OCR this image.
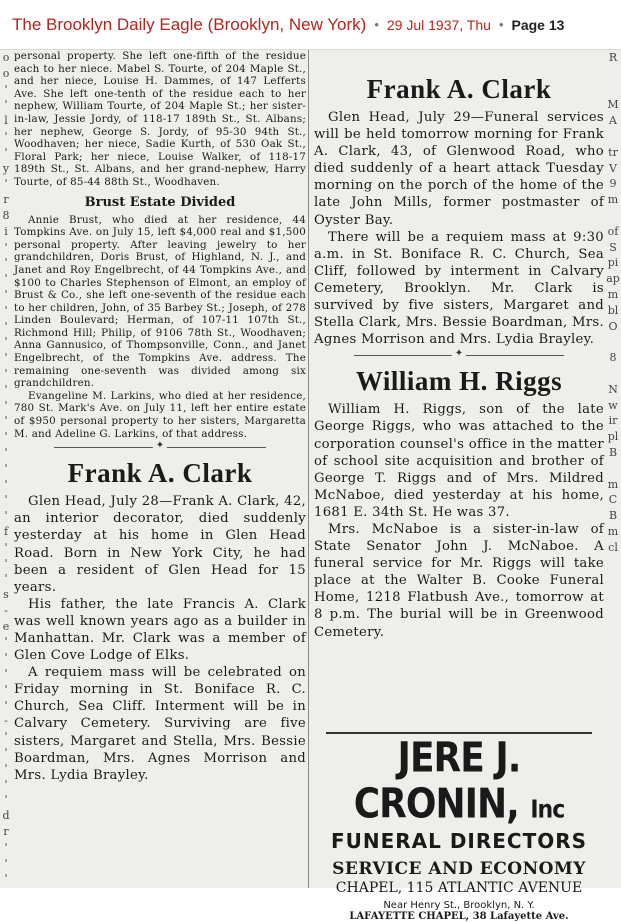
The Brooklyn Daily Eagle (Brooklyn, New York) • 29 Jul 1937, Thu • Page 13
o
o
'
'
l
'
'
y
'
r
8
i
'
'
'
'
'
'
'
'
'
'
'
'
'
'
'
'
'
'
f
'
'
'
s
-
e
'
'
'
'
'
-
'
'
'
'
'
d
r
'
'
'

personal property. She left one-fifth of the residue each to her niece. Mabel S. Tourte, of 204 Maple St., and her niece, Louise H. Dammes, of 147 Lefferts Ave. She left one-tenth of the residue each to her nephew, William Tourte, of 204 Maple St.; her sister-in-law, Jessie Jordy, of 118-17 189th St., St. Albans; her nephew, George S. Jordy, of 95-30 94th St., Woodhaven; her niece, Sadie Kurth, of 530 Oak St., Floral Park; her niece, Louise Walker, of 118-17 189th St., St. Albans, and her grand-nephew, Harry Tourte, of 85-44 88th St., Woodhaven.

Brust Estate Divided

Annie Brust, who died at her residence, 44 Tompkins Ave. on July 15, left $4,000 real and $1,500 personal property. After leaving jewelry to her grandchildren, Doris Brust, of Highland, N. J., and Janet and Roy Engelbrecht, of 44 Tompkins Ave., and $100 to Charles Stephenson of Elmont, an employ of Brust & Co., she left one-seventh of the residue each to her children, John, of 35 Barbey St.; Joseph, of 278 Linden Boulevard; Herman, of 107-11 107th St., Richmond Hill; Philip, of 9106 78th St., Woodhaven; Anna Gannusico, of Thompsonville, Conn., and Janet Engelbrecht, of the Tompkins Ave. address. The remaining one-seventh was divided among six grandchildren.

Evangeline M. Larkins, who died at her residence, 780 St. Mark's Ave. on July 11, left her entire estate of $950 personal property to her sisters, Margaretta M. and Adeline G. Larkins, of that address.

✦
Frank A. Clark

Glen Head, July 28—Frank A. Clark, 42, an interior decorator, died suddenly yesterday at his home in Glen Head Road. Born in New York City, he had been a resident of Glen Head for 15 years.

His father, the late Francis A. Clark was well known years ago as a builder in Manhattan. Mr. Clark was a member of Glen Cove Lodge of Elks.

A requiem mass will be celebrated on Friday morning in St. Boniface R. C. Church, Sea Cliff. Interment will be in Calvary Cemetery. Surviving are five sisters, Margaret and Stella, Mrs. Bessie Boardman, Mrs. Agnes Morrison and Mrs. Lydia Brayley.

Frank A. Clark

Glen Head, July 29—Funeral services will be held tomorrow morning for Frank A. Clark, 43, of Glenwood Road, who died suddenly of a heart attack Tuesday morning on the porch of the home of the late John Mills, former postmaster of Oyster Bay.

There will be a requiem mass at 9:30 a.m. in St. Boniface R. C. Church, Sea Cliff, followed by interment in Calvary Cemetery, Brooklyn. Mr. Clark is survived by five sisters, Margaret and Stella Clark, Mrs. Bessie Boardman, Mrs. Agnes Morrison and Mrs. Lydia Brayley.

✦
William H. Riggs

William H. Riggs, son of the late George Riggs, who was attached to the corporation counsel's office in the matter of school site acquisition and brother of George T. Riggs and of Mrs. Mildred McNaboe, died yesterday at his home, 1681 E. 34th St. He was 37.

Mrs. McNaboe is a sister-in-law of State Senator John J. McNaboe. A funeral service for Mr. Riggs will take place at the Walter B. Cooke Funeral Home, 1218 Flatbush Ave., tomorrow at 8 p.m. The burial will be in Greenwood Cemetery.

JERE J. CRONIN, Inc
FUNERAL DIRECTORS
SERVICE AND ECONOMY
CHAPEL, 115 ATLANTIC AVENUE
Near Henry St., Brooklyn, N. Y.
LAFAYETTE CHAPEL, 38 Lafayette Ave.
R

M
A

tr
V
9
m

of
S
pi
ap
m
bl
O

8

N
w
ir
pl
B

m
C
B
m
cl
